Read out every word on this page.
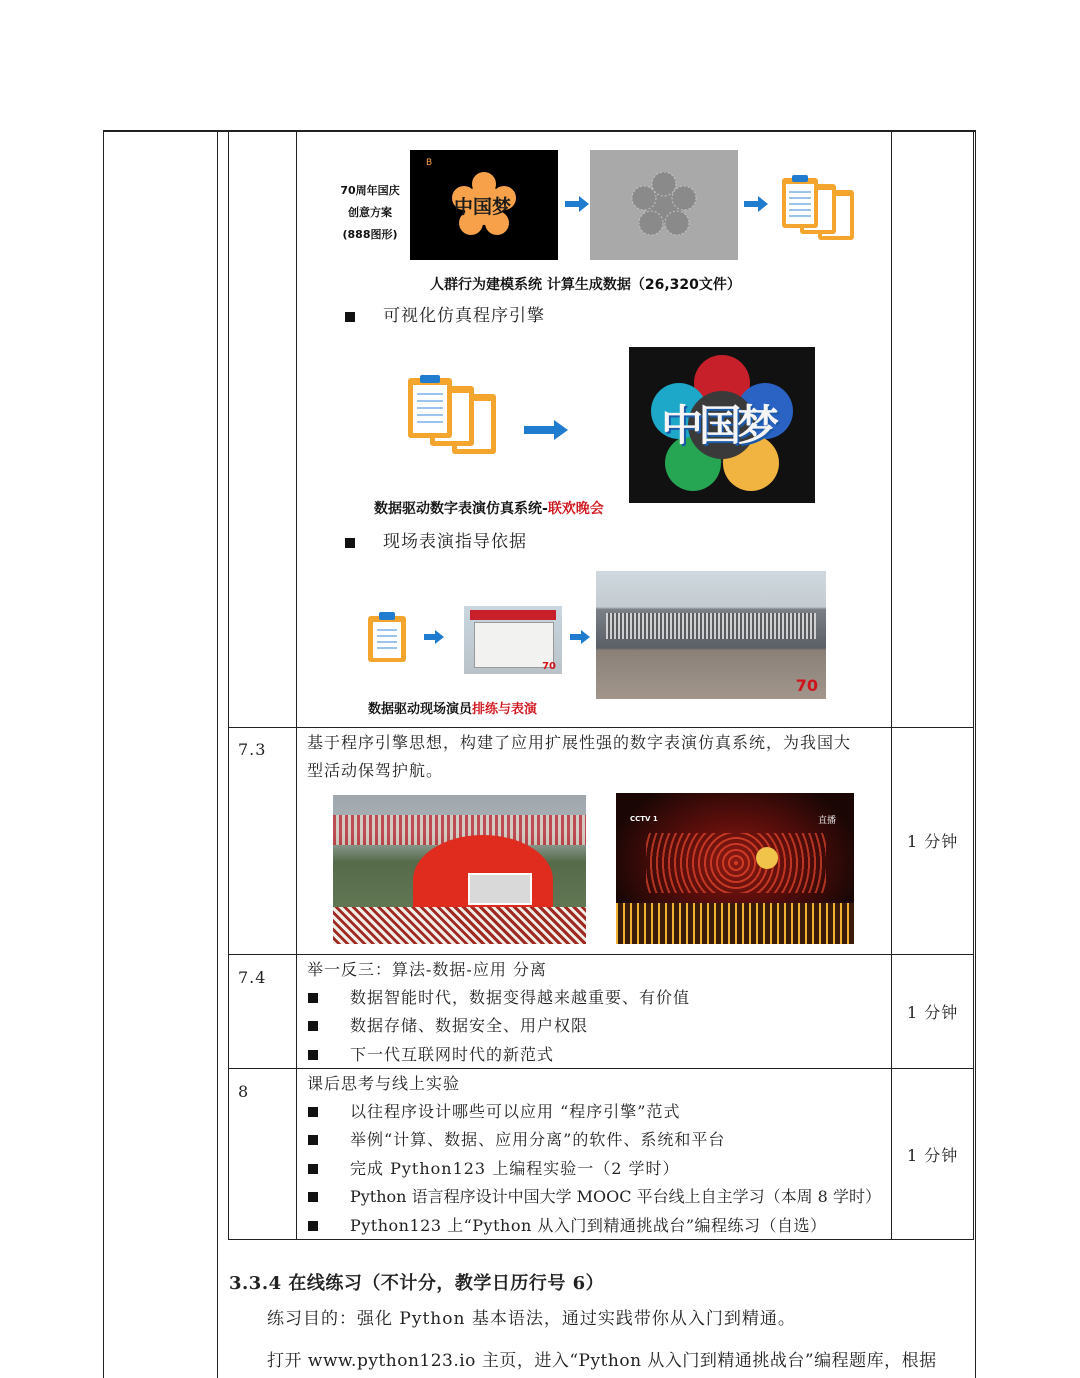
70周年国庆
创意方案
(888图形)
B
中国梦
人群行为建模系统 计算生成数据（26,320文件）
可视化仿真程序引擎
中国梦
数据驱动数字表演仿真系统-联欢晚会
现场表演指导依据
70
70
数据驱动现场演员排练与表演
7.3	基于程序引擎思想，构建了应用扩展性强的数字表演仿真系统，为我国大
型活动保驾护航。
CCTV 1	直播
1 分钟
7.4	举一反三：算法-数据-应用 分离
数据智能时代，数据变得越来越重要、有价值
数据存储、数据安全、用户权限
下一代互联网时代的新范式
1 分钟
8	课后思考与线上实验
以往程序设计哪些可以应用 “程序引擎”范式
举例“计算、数据、应用分离”的软件、系统和平台
完成 Python123 上编程实验一（2 学时）
Python 语言程序设计中国大学 MOOC 平台线上自主学习（本周 8 学时）
Python123 上“Python 从入门到精通挑战台”编程练习（自选）
1 分钟
3.3.4 在线练习（不计分，教学日历行号 6）
练习目的：强化 Python 基本语法，通过实践带你从入门到精通。
打开 www.python123.io 主页，进入“Python 从入门到精通挑战台”编程题库，根据
